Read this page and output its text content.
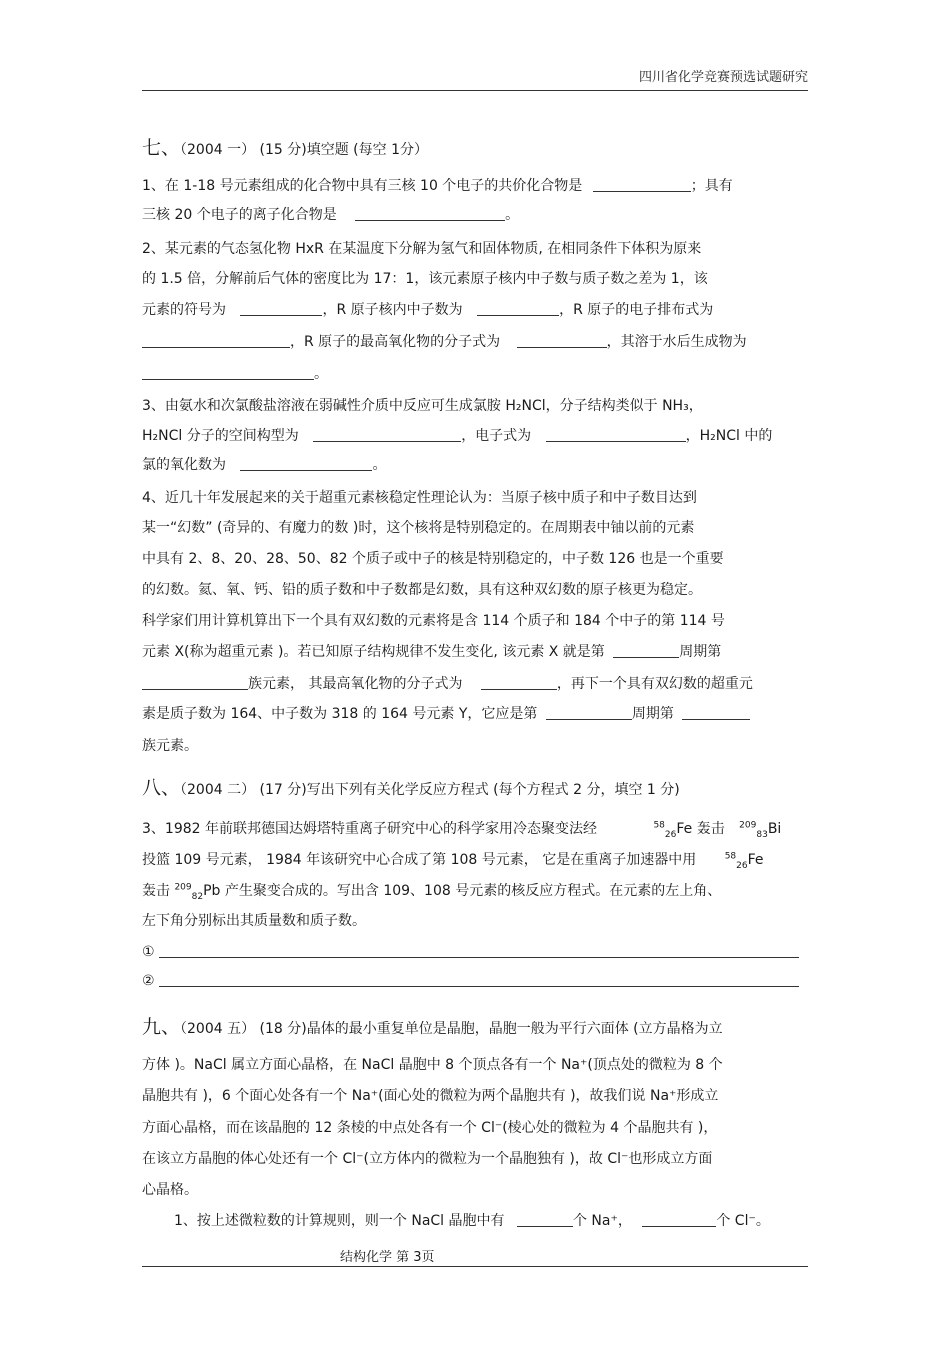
四川省化学竞赛预选试题研究
七、（2004 一） (15 分)填空题 (每空 1分）
1、在 1-18 号元素组成的化合物中具有三核 10 个电子的共价化合物是	；具有
三核 20 个电子的离子化合物是	。
2、某元素的气态氢化物 HxR 在某温度下分解为氢气和固体物质, 在相同条件下体积为原来
的 1.5 倍，分解前后气体的密度比为 17：1，该元素原子核内中子数与质子数之差为 1，该
元素的符号为	，R 原子核内中子数为	，R 原子的电子排布式为
，R 原子的最高氧化物的分子式为	，其溶于水后生成物为
。
3、由氨水和次氯酸盐溶液在弱碱性介质中反应可生成氯胺 H₂NCl，分子结构类似于 NH₃，
H₂NCl 分子的空间构型为	，电子式为	，H₂NCl 中的
氯的氧化数为	。
4、近几十年发展起来的关于超重元素核稳定性理论认为：当原子核中质子和中子数目达到
某一“幻数” (奇异的、有魔力的数 )时，这个核将是特别稳定的。在周期表中铀以前的元素
中具有 2、8、20、28、50、82 个质子或中子的核是特别稳定的，中子数 126 也是一个重要
的幻数。氦、氧、钙、铅的质子数和中子数都是幻数，具有这种双幻数的原子核更为稳定。
科学家们用计算机算出下一个具有双幻数的元素将是含 114 个质子和 184 个中子的第 114 号
元素 X(称为超重元素 )。若已知原子结构规律不发生变化, 该元素 X 就是第	周期第
族元素， 其最高氧化物的分子式为	，再下一个具有双幻数的超重元
素是质子数为 164、中子数为 318 的 164 号元素 Y，它应是第	周期第
族元素。
八、（2004 二） (17 分)写出下列有关化学反应方程式 (每个方程式 2 分，填空 1 分)
3、1982 年前联邦德国达姆塔特重离子研究中心的科学家用冷态聚变法经	$^{58}_{26}$Fe 轰击 $^{209}_{83}$Bi
投篮 109 号元素， 1984 年该研究中心合成了第 108 号元素， 它是在重离子加速器中用	$^{58}_{26}$Fe
轰击 $^{209}_{82}$Pb 产生聚变合成的。写出含 109、108 号元素的核反应方程式。在元素的左上角、
左下角分别标出其质量数和质子数。
①
②
九、（2004 五） (18 分)晶体的最小重复单位是晶胞，晶胞一般为平行六面体 (立方晶格为立
方体 )。NaCl 属立方面心晶格，在 NaCl 晶胞中 8 个顶点各有一个 Na⁺(顶点处的微粒为 8 个
晶胞共有 )，6 个面心处各有一个 Na⁺(面心处的微粒为两个晶胞共有 )，故我们说 Na⁺形成立
方面心晶格，而在该晶胞的 12 条棱的中点处各有一个 Cl⁻(棱心处的微粒为 4 个晶胞共有 )，
在该立方晶胞的体心处还有一个 Cl⁻(立方体内的微粒为一个晶胞独有 )，故 Cl⁻也形成立方面
心晶格。
1、按上述微粒数的计算规则，则一个 NaCl 晶胞中有	个 Na⁺，	个 Cl⁻。
结构化学 第 3页
